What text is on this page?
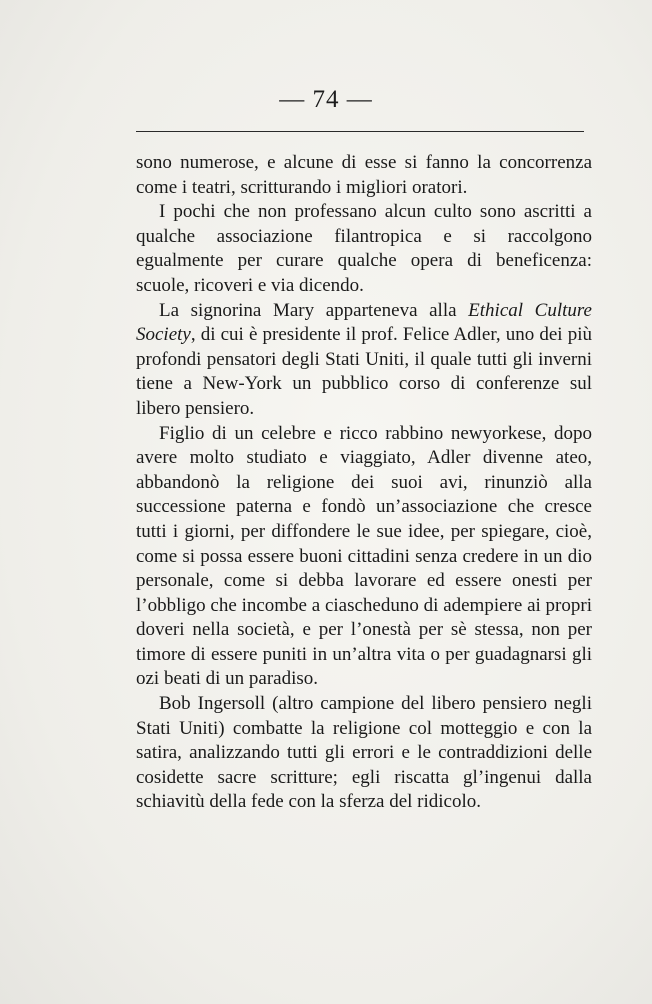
— 74 —

sono numerose, e alcune di esse si fanno la concorrenza come i teatri, scritturando i migliori oratori.

I pochi che non professano alcun culto sono ascritti a qualche associazione filantropica e si raccolgono egualmente per curare qualche opera di beneficenza: scuole, ricoveri e via dicendo.

La signorina Mary apparteneva alla Ethical Culture Society, di cui è presidente il prof. Felice Adler, uno dei più profondi pensatori degli Stati Uniti, il quale tutti gli inverni tiene a New-York un pubblico corso di conferenze sul libero pensiero.

Figlio di un celebre e ricco rabbino newyorkese, dopo avere molto studiato e viaggiato, Adler divenne ateo, abbandonò la religione dei suoi avi, rinunziò alla successione paterna e fondò un’associazione che cresce tutti i giorni, per diffondere le sue idee, per spiegare, cioè, come si possa essere buoni cittadini senza credere in un dio personale, come si debba lavorare ed essere onesti per l’obbligo che incombe a ciascheduno di adempiere ai propri doveri nella società, e per l’onestà per sè stessa, non per timore di essere puniti in un’altra vita o per guadagnarsi gli ozi beati di un paradiso.

Bob Ingersoll (altro campione del libero pensiero negli Stati Uniti) combatte la religione col motteggio e con la satira, analizzando tutti gli errori e le contraddizioni delle cosidette sacre scritture; egli riscatta gl’ingenui dalla schiavitù della fede con la sferza del ridicolo.
